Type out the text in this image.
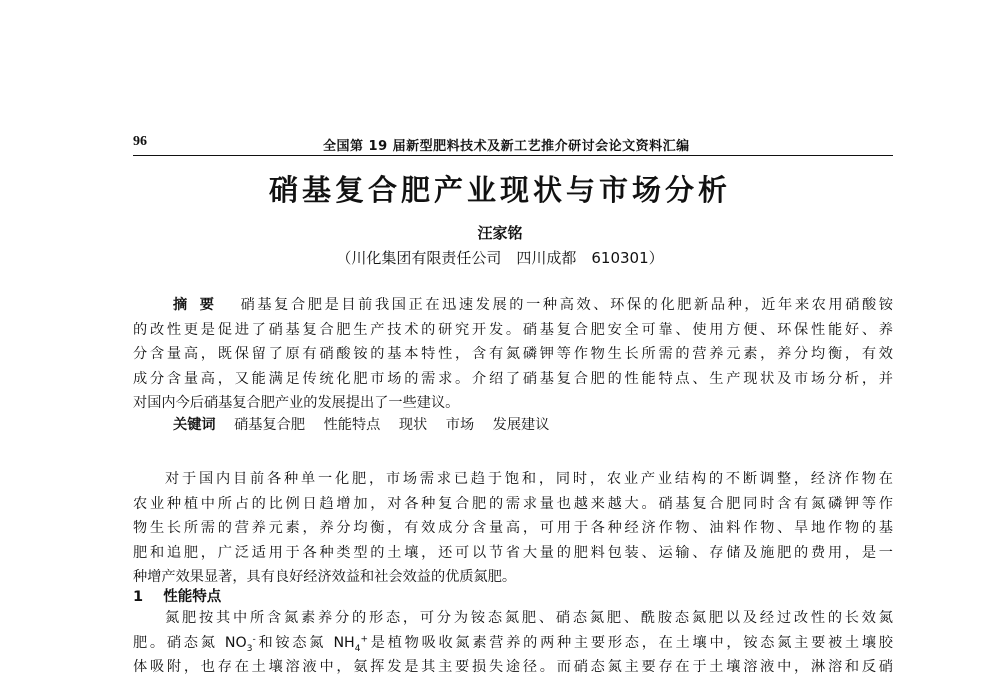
96	全国第 19 届新型肥料技术及新工艺推介研讨会论文资料汇编
硝基复合肥产业现状与市场分析
汪家铭
（川化集团有限责任公司　四川成都　610301）
摘要 硝基复合肥是目前我国正在迅速发展的一种高效、环保的化肥新品种，近年来农用硝酸铵
的改性更是促进了硝基复合肥生产技术的研究开发。硝基复合肥安全可靠、使用方便、环保性能好、养
分含量高，既保留了原有硝酸铵的基本特性，含有氮磷钾等作物生长所需的营养元素，养分均衡，有效
成分含量高，又能满足传统化肥市场的需求。介绍了硝基复合肥的性能特点、生产现状及市场分析，并
对国内今后硝基复合肥产业的发展提出了一些建议。
关键词 硝基复合肥 性能特点 现状 市场 发展建议
对于国内目前各种单一化肥，市场需求已趋于饱和，同时，农业产业结构的不断调整，经济作物在
农业种植中所占的比例日趋增加，对各种复合肥的需求量也越来越大。硝基复合肥同时含有氮磷钾等作
物生长所需的营养元素，养分均衡，有效成分含量高，可用于各种经济作物、油料作物、旱地作物的基
肥和追肥，广泛适用于各种类型的土壤，还可以节省大量的肥料包装、运输、存储及施肥的费用，是一
种增产效果显著，具有良好经济效益和社会效益的优质氮肥。
1 性能特点
氮肥按其中所含氮素养分的形态，可分为铵态氮肥、硝态氮肥、酰胺态氮肥以及经过改性的长效氮
肥。硝态氮 $NO_3^-$和铵态氮 $NH_4^+$是植物吸收氮素营养的两种主要形态，在土壤中，铵态氮主要被土壤胶
体吸附，也存在土壤溶液中，氨挥发是其主要损失途径。而硝态氮主要存在于土壤溶液中，淋溶和反硝
